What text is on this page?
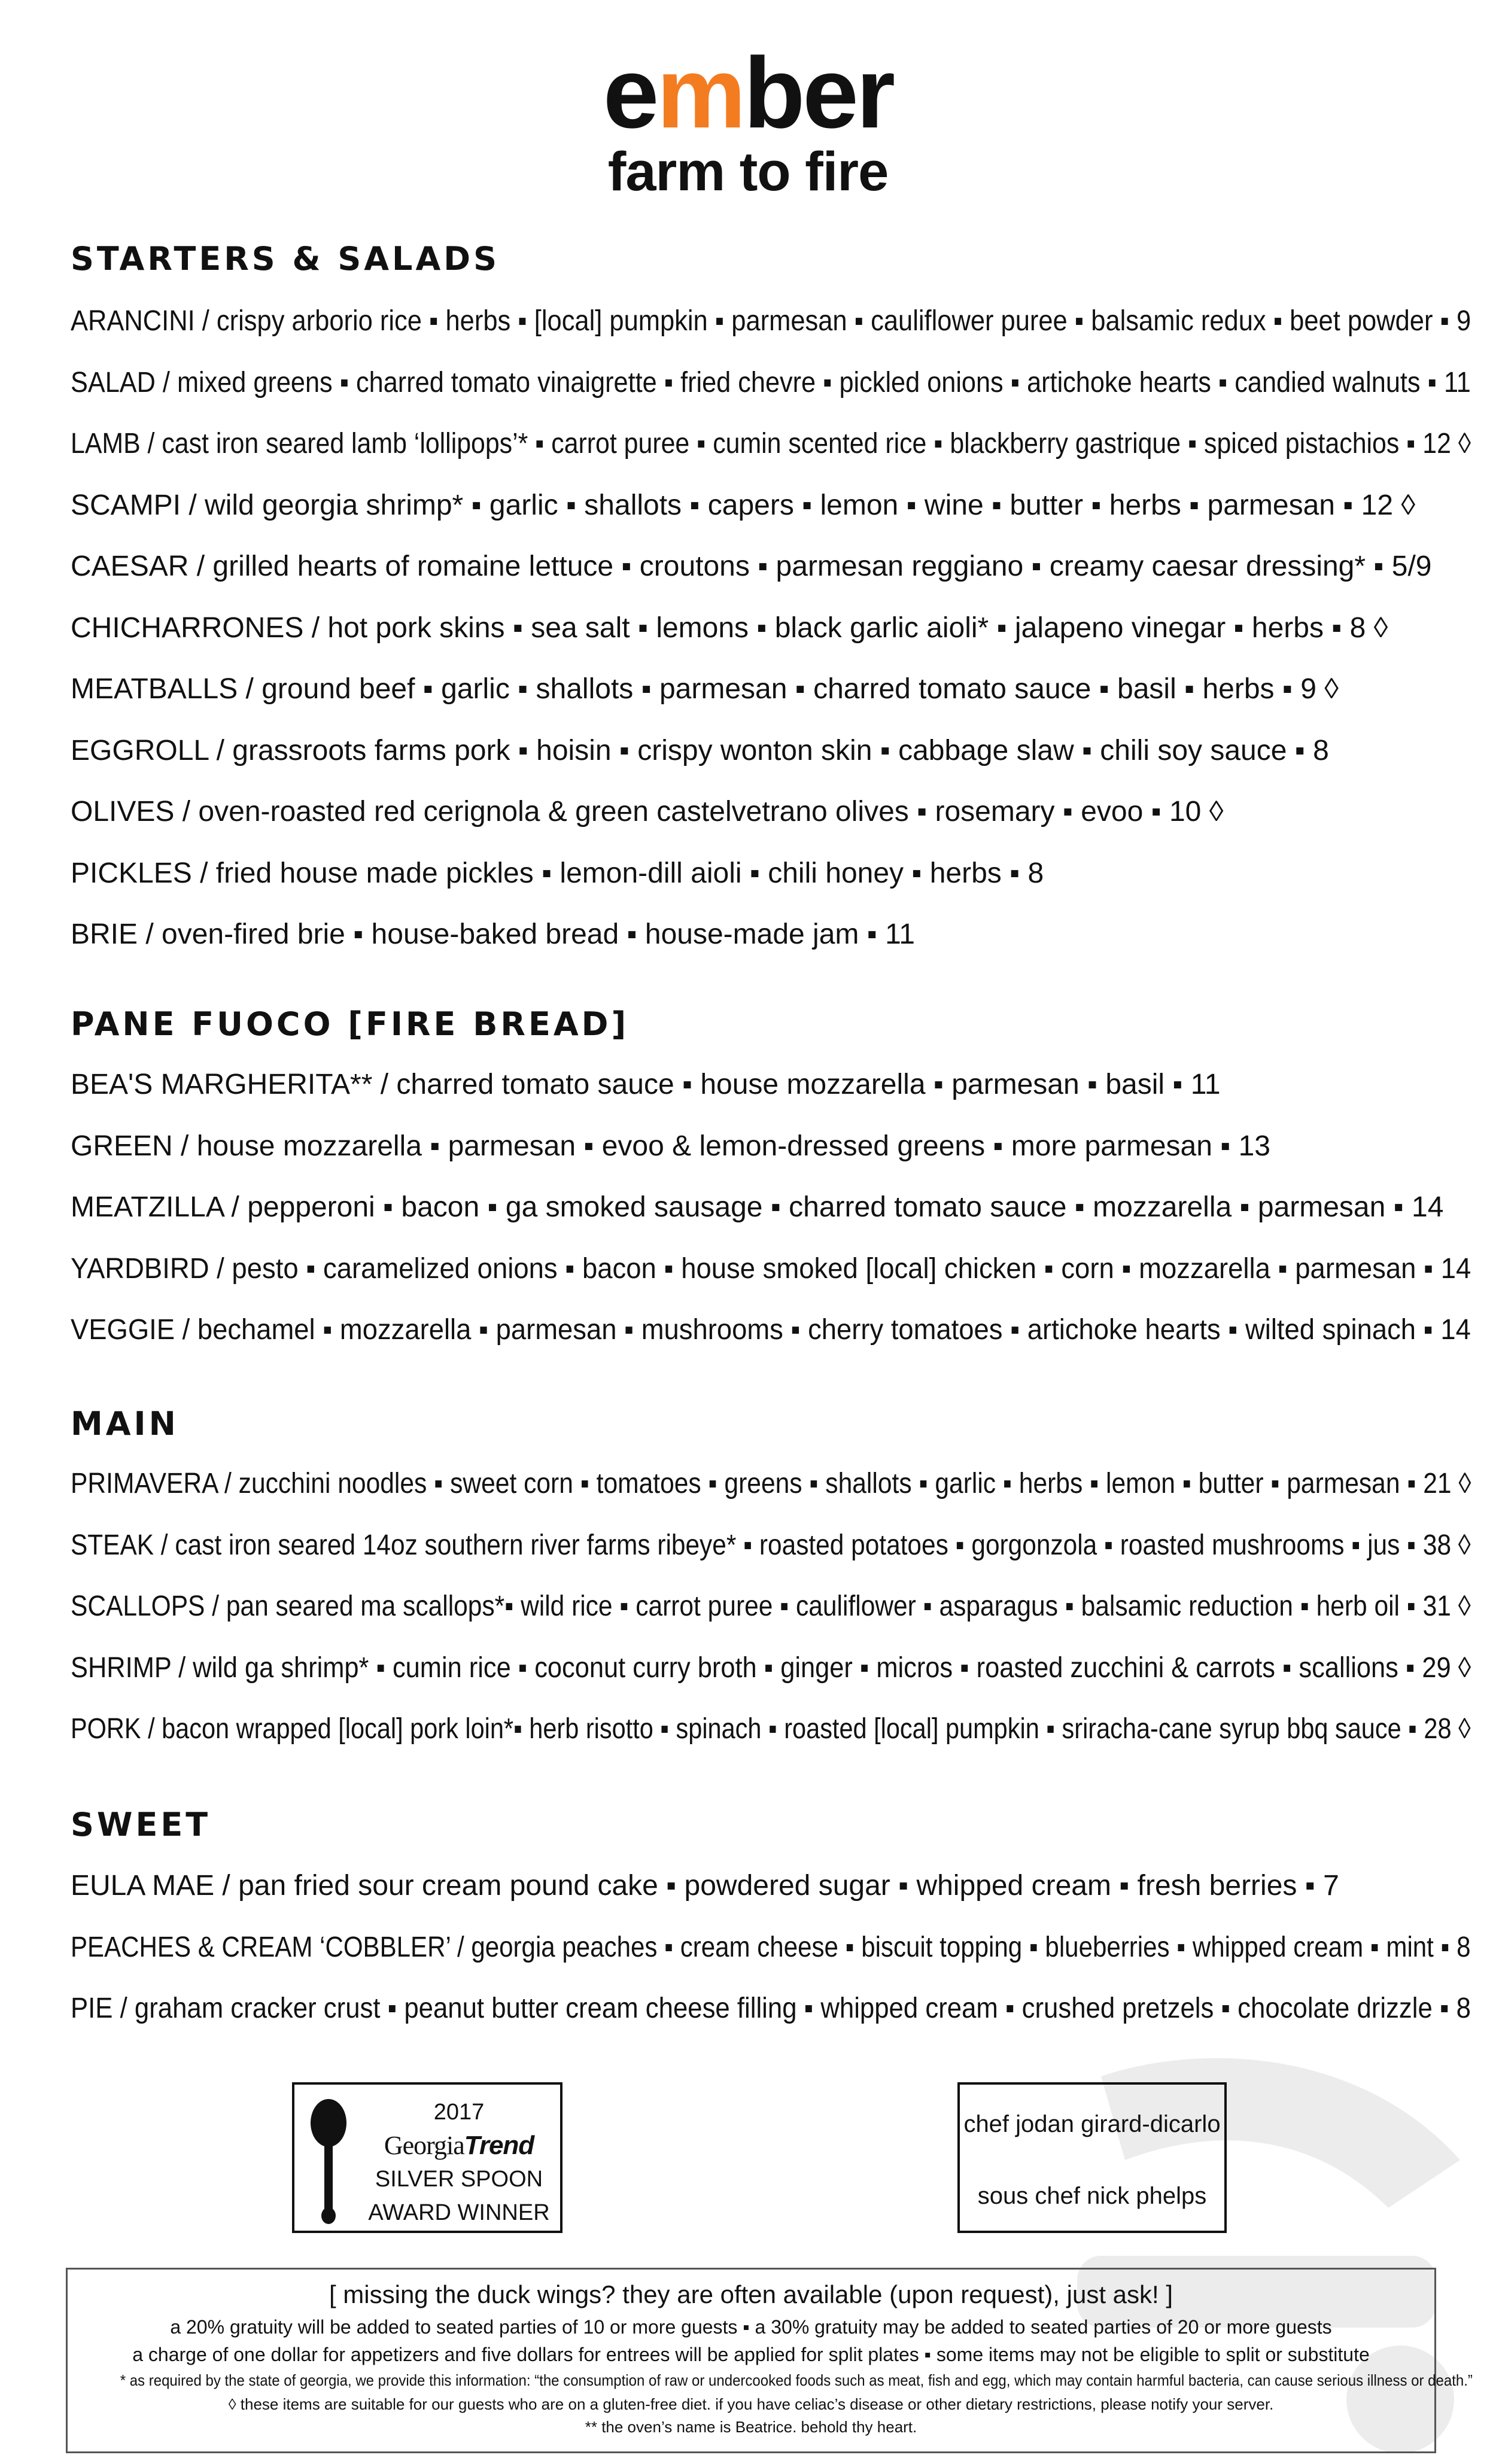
ember
farm to fire
STARTERS & SALADS
ARANCINI / crispy arborio rice ▪ herbs ▪ [local] pumpkin ▪ parmesan ▪ cauliflower puree ▪ balsamic redux ▪ beet powder ▪ 9
SALAD / mixed greens ▪ charred tomato vinaigrette ▪ fried chevre ▪ pickled onions ▪ artichoke hearts ▪ candied walnuts ▪ 11
LAMB / cast iron seared lamb ‘lollipops’* ▪ carrot puree ▪ cumin scented rice ▪ blackberry gastrique ▪ spiced pistachios ▪ 12 ◊
SCAMPI / wild georgia shrimp* ▪ garlic ▪ shallots ▪ capers ▪ lemon ▪ wine ▪ butter ▪ herbs ▪ parmesan ▪ 12 ◊
CAESAR / grilled hearts of romaine lettuce ▪ croutons ▪ parmesan reggiano ▪ creamy caesar dressing* ▪ 5/9
CHICHARRONES / hot pork skins ▪ sea salt ▪ lemons ▪ black garlic aioli* ▪ jalapeno vinegar ▪ herbs ▪ 8 ◊
MEATBALLS / ground beef ▪ garlic ▪ shallots ▪ parmesan ▪ charred tomato sauce ▪ basil ▪ herbs ▪ 9 ◊
EGGROLL / grassroots farms pork ▪ hoisin ▪ crispy wonton skin ▪ cabbage slaw ▪ chili soy sauce ▪ 8
OLIVES / oven-roasted red cerignola & green castelvetrano olives ▪ rosemary ▪ evoo ▪ 10 ◊
PICKLES / fried house made pickles ▪ lemon-dill aioli ▪ chili honey ▪ herbs ▪ 8
BRIE / oven-fired brie ▪ house-baked bread ▪ house-made jam ▪ 11
PANE FUOCO [FIRE BREAD]
BEA'S MARGHERITA** / charred tomato sauce ▪ house mozzarella ▪ parmesan ▪ basil ▪ 11
GREEN / house mozzarella ▪ parmesan ▪ evoo & lemon-dressed greens ▪ more parmesan ▪ 13
MEATZILLA / pepperoni ▪ bacon ▪ ga smoked sausage ▪ charred tomato sauce ▪ mozzarella ▪ parmesan ▪ 14
YARDBIRD / pesto ▪ caramelized onions ▪ bacon ▪ house smoked [local] chicken ▪ corn ▪ mozzarella ▪ parmesan ▪ 14
VEGGIE / bechamel ▪ mozzarella ▪ parmesan ▪ mushrooms ▪ cherry tomatoes ▪ artichoke hearts ▪ wilted spinach ▪ 14
MAIN
PRIMAVERA / zucchini noodles ▪ sweet corn ▪ tomatoes ▪ greens ▪ shallots ▪ garlic ▪ herbs ▪ lemon ▪ butter ▪ parmesan ▪ 21 ◊
STEAK / cast iron seared 14oz southern river farms ribeye* ▪ roasted potatoes ▪ gorgonzola ▪ roasted mushrooms ▪ jus ▪ 38 ◊
SCALLOPS / pan seared ma scallops*▪ wild rice ▪ carrot puree ▪ cauliflower ▪ asparagus ▪ balsamic reduction ▪ herb oil ▪ 31 ◊
SHRIMP / wild ga shrimp* ▪ cumin rice ▪ coconut curry broth ▪ ginger ▪ micros ▪ roasted zucchini & carrots ▪ scallions ▪ 29 ◊
PORK / bacon wrapped [local] pork loin*▪ herb risotto ▪ spinach ▪ roasted [local] pumpkin ▪ sriracha-cane syrup bbq sauce ▪ 28 ◊
SWEET
EULA MAE / pan fried sour cream pound cake ▪ powdered sugar ▪ whipped cream ▪ fresh berries ▪ 7
PEACHES & CREAM ‘COBBLER’ / georgia peaches ▪ cream cheese ▪ biscuit topping ▪ blueberries ▪ whipped cream ▪ mint ▪ 8
PIE / graham cracker crust ▪ peanut butter cream cheese filling ▪ whipped cream ▪ crushed pretzels ▪ chocolate drizzle ▪ 8
2017
GeorgiaTrend
SILVER SPOON
AWARD WINNER
chef jodan girard-dicarlo
sous chef nick phelps
[ missing the duck wings? they are often available (upon request), just ask! ]
a 20% gratuity will be added to seated parties of 10 or more guests ▪ a 30% gratuity may be added to seated parties of 20 or more guests
a charge of one dollar for appetizers and five dollars for entrees will be applied for split plates ▪ some items may not be eligible to split or substitute
* as required by the state of georgia, we provide this information: “the consumption of raw or undercooked foods such as meat, fish and egg, which may contain harmful bacteria, can cause serious illness or death.”
◊ these items are suitable for our guests who are on a gluten-free diet. if you have celiac’s disease or other dietary restrictions, please notify your server.
** the oven’s name is Beatrice. behold thy heart.
